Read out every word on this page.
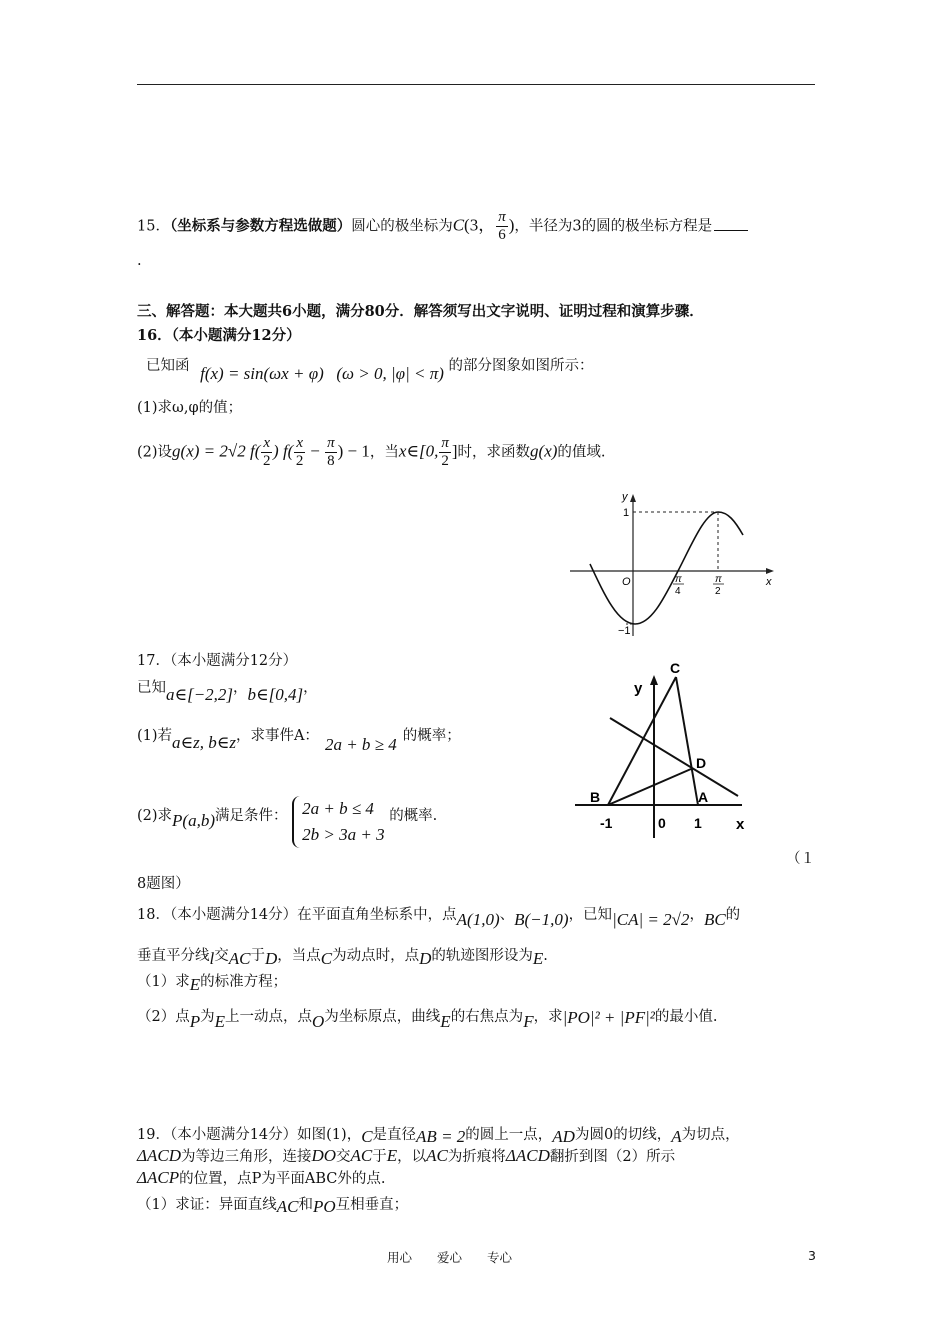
15．（坐标系与参数方程选做题）圆心的极坐标为C(3， $\frac{\pi}{6}$ )，半径为3的圆的极坐标方程是
.
三、解答题：本大题共6小题，满分80分．解答须写出文字说明、证明过程和演算步骤．
16．（本小题满分12分）
已知函 f(x) = sin(ωx + φ) (ω > 0, |φ| < π) 的部分图象如图所示：
(1)求ω,φ的值；
(2)设g(x) = 2√2 $f( \frac{x}{2}$ ) $f( \frac{x}{2} - \frac{\pi}{8}$ ) − 1，当x∈[0, $\frac{\pi}{2}$ ]时，求函数g(x)的值域.
y
x
O
1
−1
π
4
π
2
17．（本小题满分12分）
已知a∈[−2,2]，b∈[0,4]，
(1)若a∈z, b∈z，求事件A： 2a + b ≥ 4 的概率；
(2)求P(a,b)满足条件： 2a + b ≤ 4
2b > 3a + 3
的概率.
C
y
D
B	A
-1	0 1 x
（１
8题图）
18．（本小题满分14分）在平面直角坐标系中，点A(1,0)、B(−1,0)，已知|CA| = 2√2，BC的
垂直平分线l交AC于D，当点C为动点时，点D的轨迹图形设为E.
（1）求E的标准方程；
（2）点P为E上一动点，点O为坐标原点，曲线E的右焦点为F，求|PO|² + |PF|²的最小值.
19．（本小题满分14分）如图(1)，C是直径AB = 2的圆上一点，AD为圆0的切线，A为切点，
ΔACD为等边三角形，连接DO交AC于E，以AC为折痕将ΔACD翻折到图（2）所示
ΔACP的位置，点P为平面ABC外的点.
（1）求证：异面直线AC和PO互相垂直；
用心　　爱心　　专心	3
